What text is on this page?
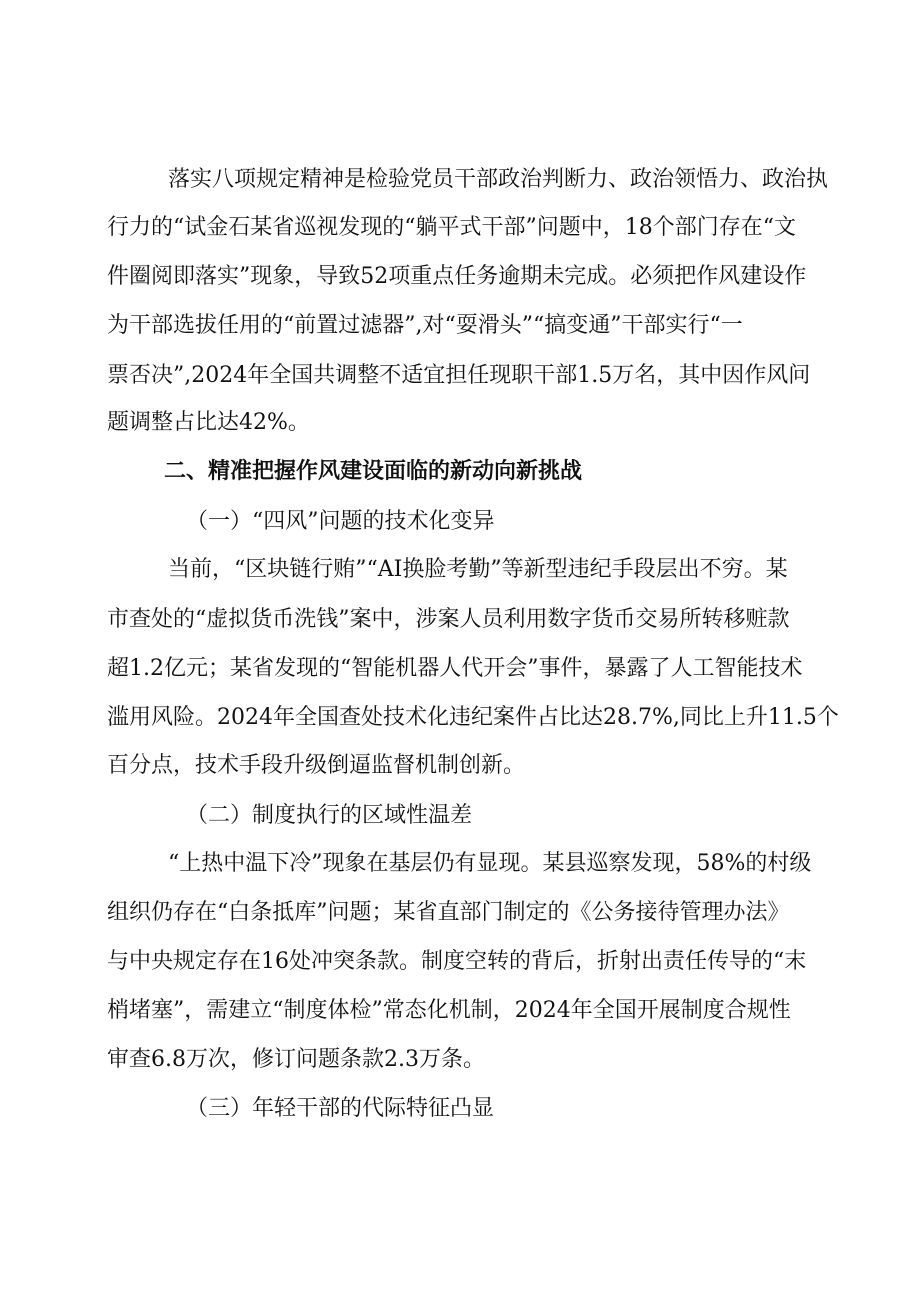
落实八项规定精神是检验党员干部政治判断力、政治领悟力、政治执
行力的“试金石某省巡视发现的“躺平式干部”问题中，18个部门存在“文
件圈阅即落实”现象，导致52项重点任务逾期未完成。必须把作风建设作
为干部选拔任用的“前置过滤器”,对“耍滑头”“搞变通”干部实行“一
票否决”,2024年全国共调整不适宜担任现职干部1.5万名，其中因作风问
题调整占比达42%。
二、精准把握作风建设面临的新动向新挑战
（一）“四风”问题的技术化变异
当前，“区块链行贿”“AI换脸考勤”等新型违纪手段层出不穷。某
市查处的“虚拟货币洗钱”案中，涉案人员利用数字货币交易所转移赃款
超1.2亿元；某省发现的“智能机器人代开会”事件，暴露了人工智能技术
滥用风险。2024年全国查处技术化违纪案件占比达28.7%,同比上升11.5个
百分点，技术手段升级倒逼监督机制创新。
（二）制度执行的区域性温差
“上热中温下冷”现象在基层仍有显现。某县巡察发现，58%的村级
组织仍存在“白条抵库”问题；某省直部门制定的《公务接待管理办法》
与中央规定存在16处冲突条款。制度空转的背后，折射出责任传导的“末
梢堵塞”，需建立“制度体检”常态化机制，2024年全国开展制度合规性
审查6.8万次，修订问题条款2.3万条。
（三）年轻干部的代际特征凸显
